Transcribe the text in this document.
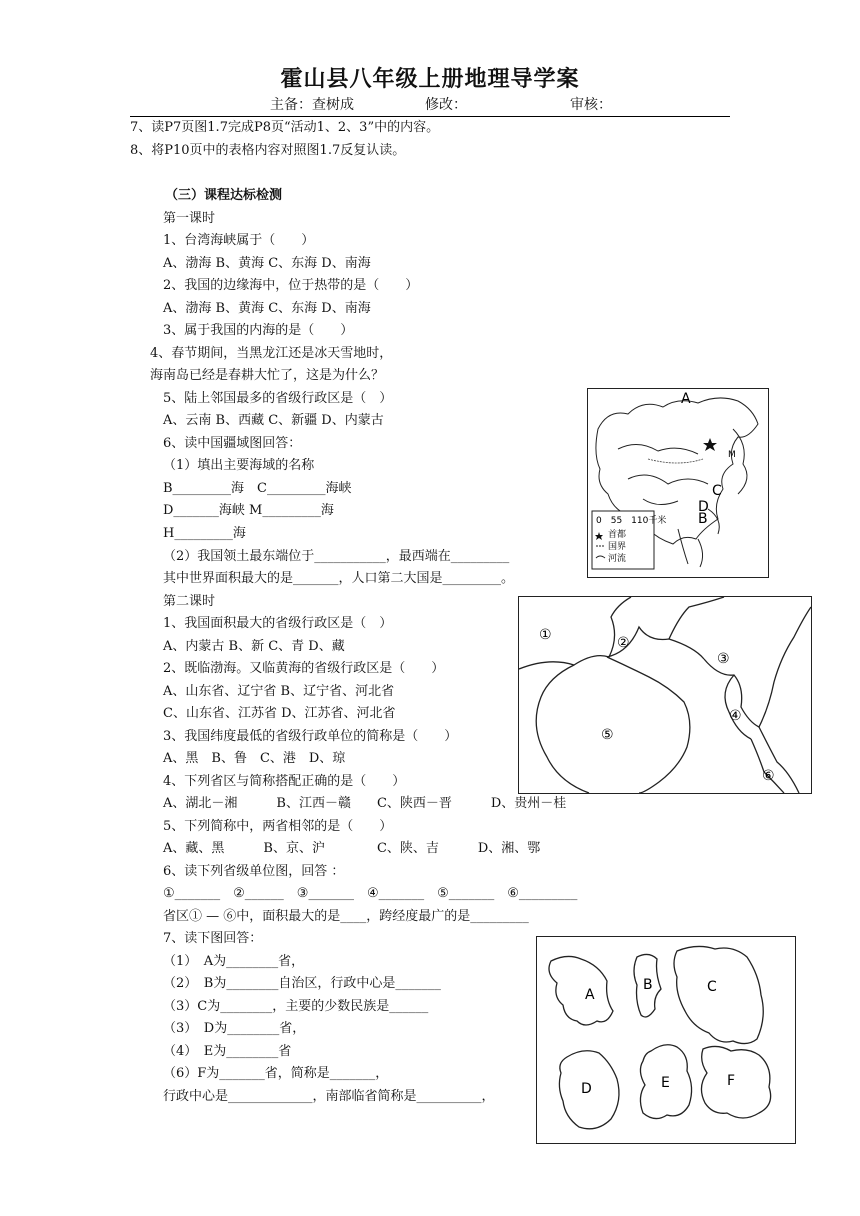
霍山县八年级上册地理导学案
主备：查树成	修改：	审核：
7、读P7页图1.7完成P8页“活动1、2、3”中的内容。
8、将P10页中的表格内容对照图1.7反复认读。
（三）课程达标检测
第一课时
1、台湾海峡属于（　　）
A、渤海 B、黄海 C、东海 D、南海
2、我国的边缘海中，位于热带的是（　　）
A、渤海 B、黄海 C、东海 D、南海
3、属于我国的内海的是（　　）
4、春节期间，当黑龙江还是冰天雪地时，
海南岛已经是春耕大忙了，这是为什么？
5、陆上邻国最多的省级行政区是（　）
A、云南 B、西藏 C、新疆 D、内蒙古
6、读中国疆域图回答：
（1）填出主要海域的名称
B_________海　C_________海峡
D_______海峡 M_________海
H_________海
（2）我国领土最东端位于___________，最西端在_________
其中世界面积最大的是_______，人口第二大国是_________。
第二课时
1、我国面积最大的省级行政区是（　）
A、内蒙古 B、新 C、青 D、藏
2、既临渤海。又临黄海的省级行政区是（　　）
A、山东省、辽宁省 B、辽宁省、河北省
C、山东省、江苏省 D、江苏省、河北省
3、我国纬度最低的省级行政单位的简称是（　　）
A、黑　B、鲁　C、港　D、琼
4、下列省区与简称搭配正确的是（　　）
A、湖北－湘　　　B、江西－赣　　C、陕西－晋　　　D、贵州－桂
5、下列简称中，两省相邻的是（　　）
A、藏、黑　　　B、京、沪　　　　C、陕、吉　　　D、湘、鄂
6、读下列省级单位图，回答 ：
①_______　②______　③_______　④_______　⑤_______　⑥_________
省区① — ⑥中，面积最大的是____，跨经度最广的是_________
7、读下图回答：
（1）　A为________省，
（2）　B为________自治区，行政中心是_______
（3）C为________，主要的少数民族是______
（3）　D为________省，
（4）　E为________省
（6）F为_______省，简称是_______，
行政中心是_____________，南部临省简称是__________，
0　55　110千米
首都
国界
河流
A
M
C
D
B
①	②
③
④
⑤
⑥
A
B	C
D	E	F
